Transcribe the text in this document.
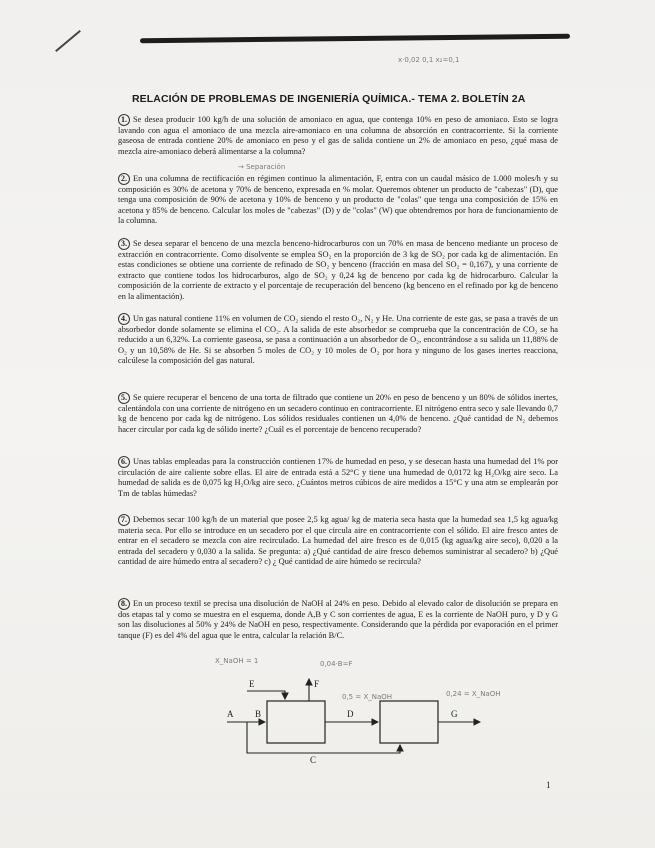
x·0,02 0,1 x₂=0,1
RELACIÓN DE PROBLEMAS DE INGENIERÍA QUÍMICA.- TEMA 2. BOLETÍN 2A
1. Se desea producir 100 kg/h de una solución de amoniaco en agua, que contenga 10% en peso de amoniaco. Esto se logra lavando con agua el amoniaco de una mezcla aire-amoniaco en una columna de absorción en contracorriente. Si la corriente gaseosa de entrada contiene 20% de amoniaco en peso y el gas de salida contiene un 2% de amoniaco en peso, ¿qué masa de mezcla aire-amoniaco deberá alimentarse a la columna?
→ Separación
2. En una columna de rectificación en régimen continuo la alimentación, F, entra con un caudal másico de 1.000 moles/h y su composición es 30% de acetona y 70% de benceno, expresada en % molar. Queremos obtener un producto de "cabezas" (D), que tenga una composición de 90% de acetona y 10% de benceno y un producto de "colas" que tenga una composición de 15% en acetona y 85% de benceno. Calcular los moles de "cabezas" (D) y de "colas" (W) que obtendremos por hora de funcionamiento de la columna.
3. Se desea separar el benceno de una mezcla benceno-hidrocarburos con un 70% en masa de benceno mediante un proceso de extracción en contracorriente. Como disolvente se emplea SO₂ en la proporción de 3 kg de SO₂ por cada kg de alimentación. En estas condiciones se obtiene una corriente de refinado de SO₂ y benceno (fracción en masa del SO₂ = 0,167), y una corriente de extracto que contiene todos los hidrocarburos, algo de SO₂ y 0,24 kg de benceno por cada kg de hidrocarburo. Calcular la composición de la corriente de extracto y el porcentaje de recuperación del benceno (kg benceno en el refinado por kg de benceno en la alimentación).
4. Un gas natural contiene 11% en volumen de CO₂ siendo el resto O₂, N₂ y He. Una corriente de este gas, se pasa a través de un absorbedor donde solamente se elimina el CO₂. A la salida de este absorbedor se comprueba que la concentración de CO₂ se ha reducido a un 6,32%. La corriente gaseosa, se pasa a continuación a un absorbedor de O₂, encontrándose a su salida un 11,88% de O₂ y un 10,58% de He. Si se absorben 5 moles de CO₂ y 10 moles de O₂ por hora y ninguno de los gases inertes reacciona, calcúlese la composición del gas natural.
5. Se quiere recuperar el benceno de una torta de filtrado que contiene un 20% en peso de benceno y un 80% de sólidos inertes, calentándola con una corriente de nitrógeno en un secadero continuo en contracorriente. El nitrógeno entra seco y sale llevando 0,7 kg de benceno por cada kg de nitrógeno. Los sólidos residuales contienen un 4,0% de benceno. ¿Qué cantidad de N₂ debemos hacer circular por cada kg de sólido inerte? ¿Cuál es el porcentaje de benceno recuperado?
6. Unas tablas empleadas para la construcción contienen 17% de humedad en peso, y se desecan hasta una humedad del 1% por circulación de aire caliente sobre ellas. El aire de entrada está a 52°C y tiene una humedad de 0,0172 kg H₂O/kg aire seco. La humedad de salida es de 0,075 kg H₂O/kg aire seco. ¿Cuántos metros cúbicos de aire medidos a 15°C y una atm se emplearán por Tm de tablas húmedas?
7. Debemos secar 100 kg/h de un material que posee 2,5 kg agua/ kg de materia seca hasta que la humedad sea 1,5 kg agua/kg materia seca. Por ello se introduce en un secadero por el que circula aire en contracorriente con el sólido. El aire fresco antes de entrar en el secadero se mezcla con aire recirculado. La humedad del aire fresco es de 0,015 (kg agua/kg aire seco), 0,020 a la entrada del secadero y 0,030 a la salida. Se pregunta: a) ¿Qué cantidad de aire fresco debemos suministrar al secadero? b) ¿Qué cantidad de aire húmedo entra al secadero? c) ¿ Qué cantidad de aire húmedo se recircula?
8. En un proceso textil se precisa una disolución de NaOH al 24% en peso. Debido al elevado calor de disolución se prepara en dos etapas tal y como se muestra en el esquema, donde A,B y C son corrientes de agua, E es la corriente de NaOH puro, y D y G son las disoluciones al 50% y 24% de NaOH en peso, respectivamente. Considerando que la pérdida por evaporación en el primer tanque (F) es del 4% del agua que le entra, calcular la relación B/C.
X_NaOH = 1	0,04·B=F
0,5 = X_NaOH	0,24 = X_NaOH
A B
E	F
D	G
C
1
